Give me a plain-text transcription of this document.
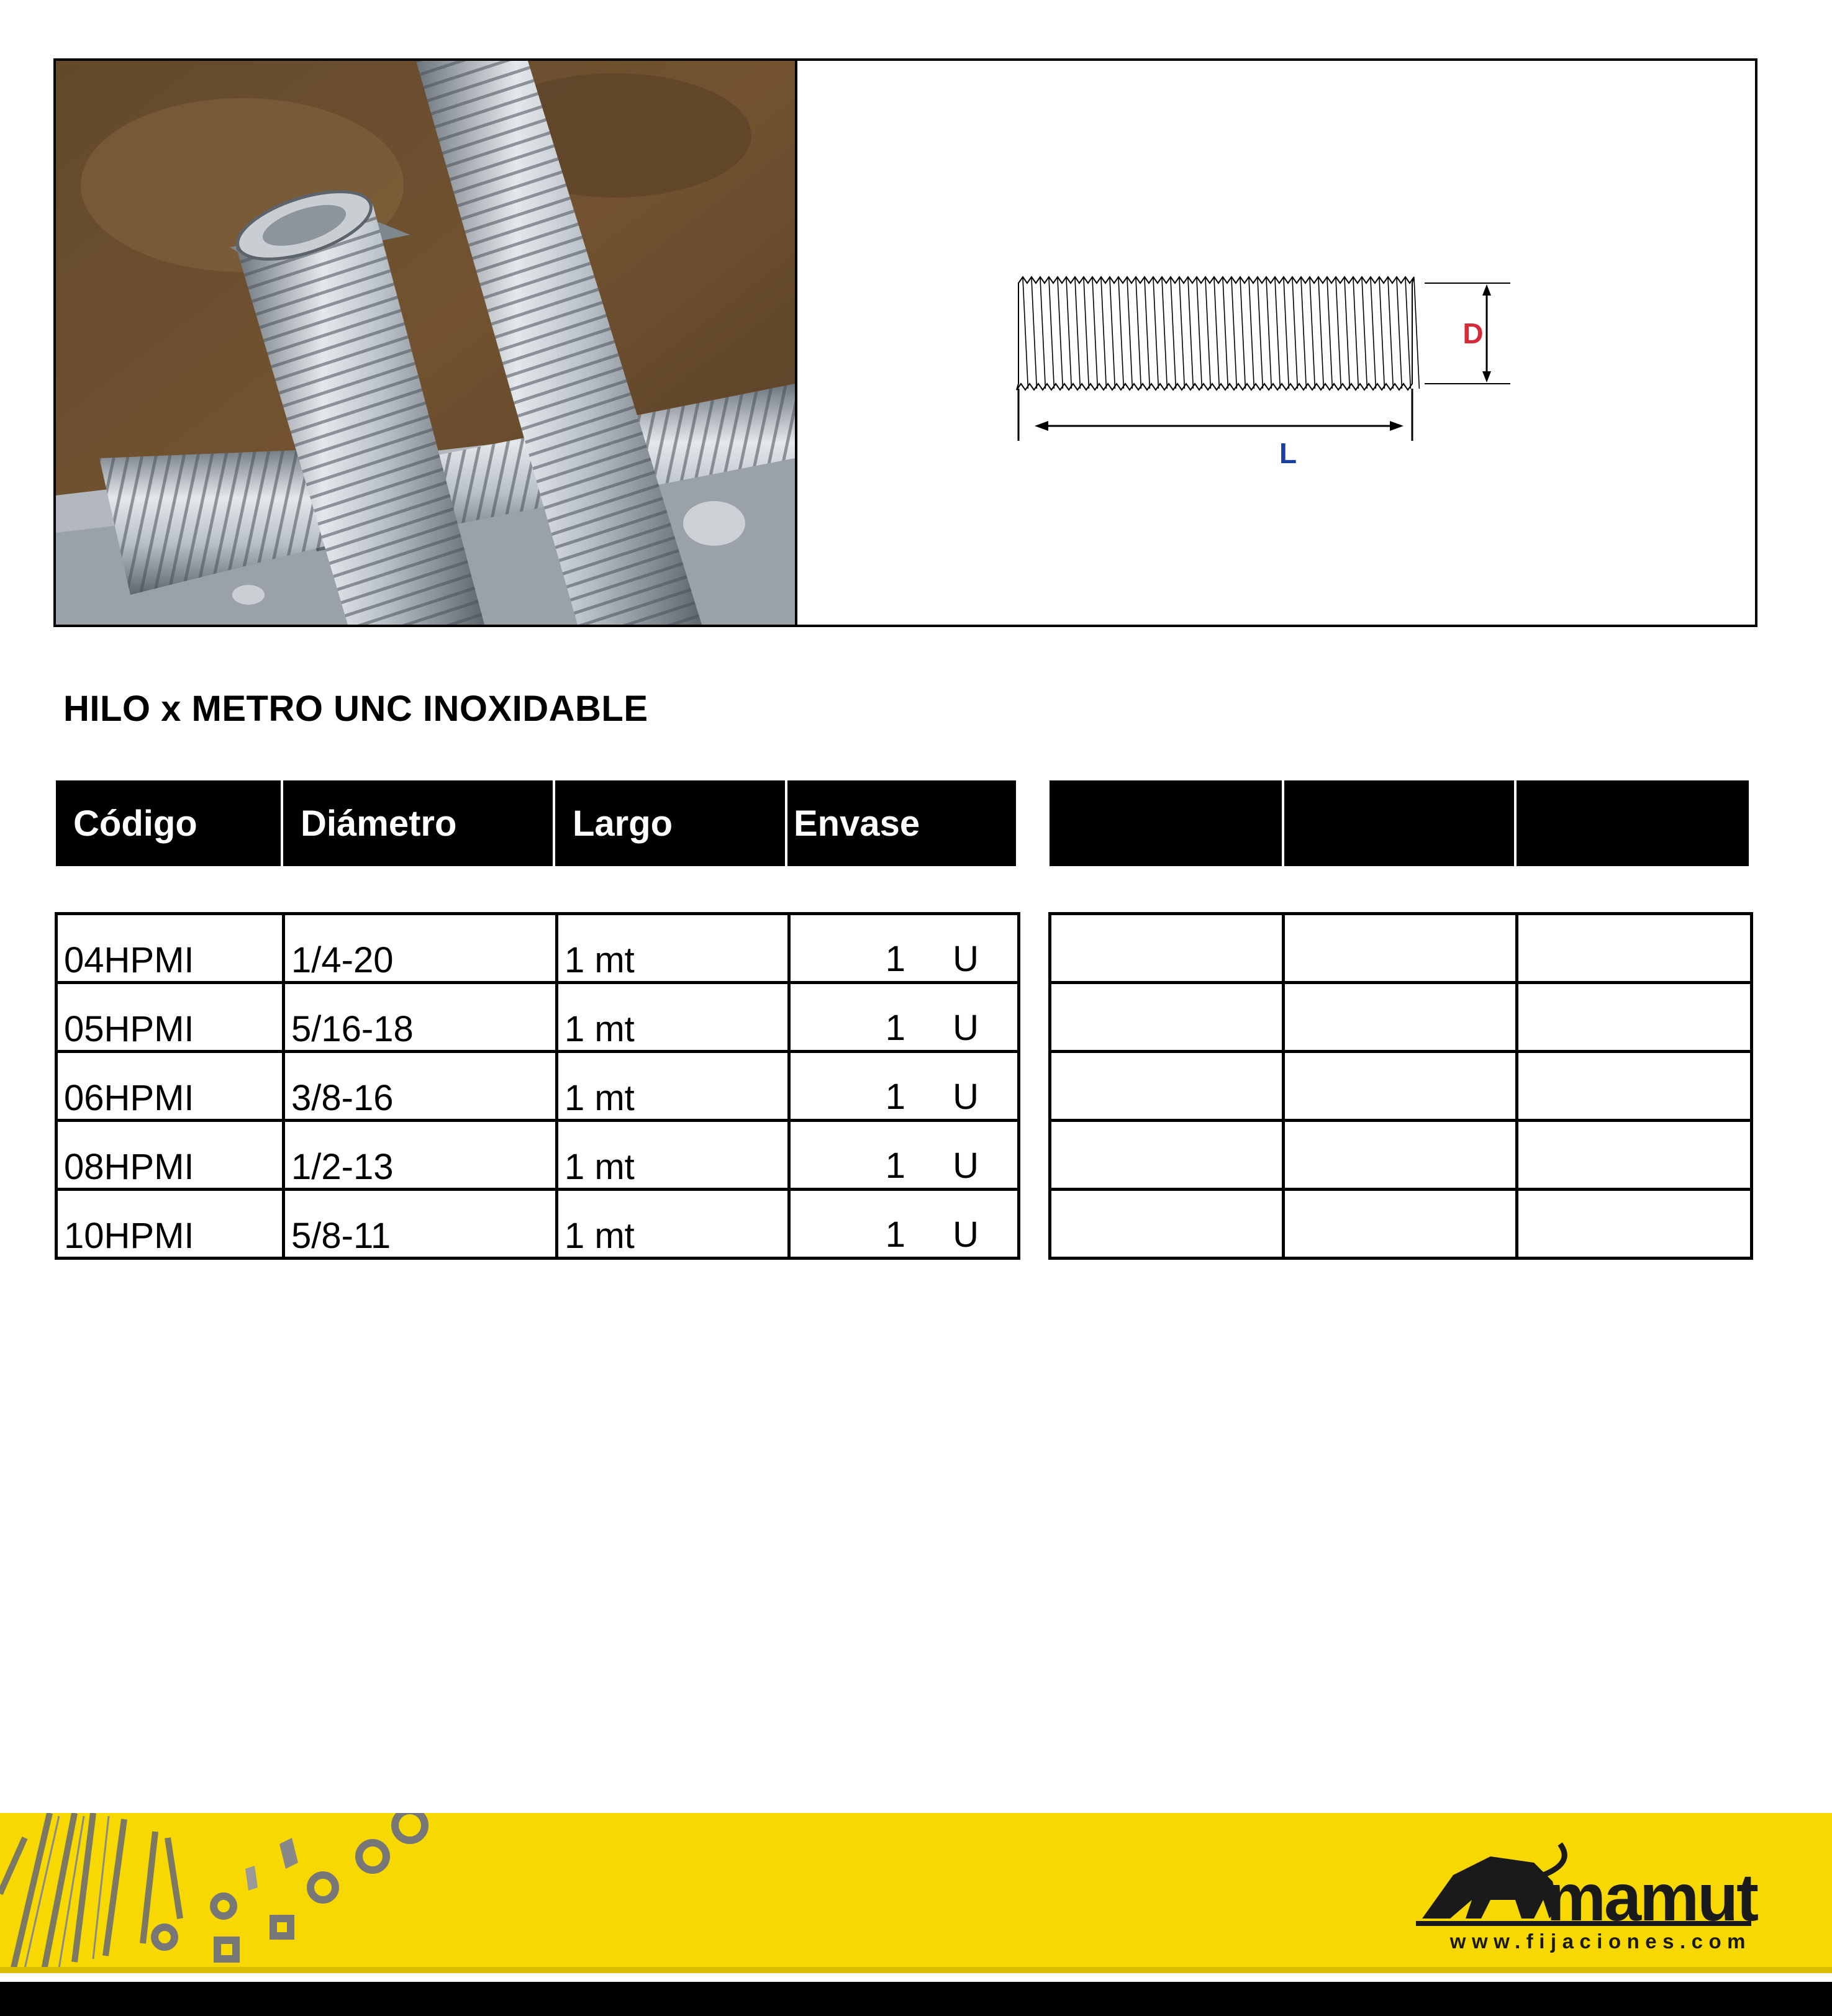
D
L
HILO x METRO UNC INOXIDABLE
Código	Diámetro	Largo	Envase

04HPMI	1/4-20	1 mt	1 U

05HPMI	5/16-18	1 mt	1 U

06HPMI	3/8-16	1 mt	1 U

08HPMI	1/2-13	1 mt	1 U

10HPMI	5/8-11	1 mt	1 U

mamut
www.fijaciones.com
